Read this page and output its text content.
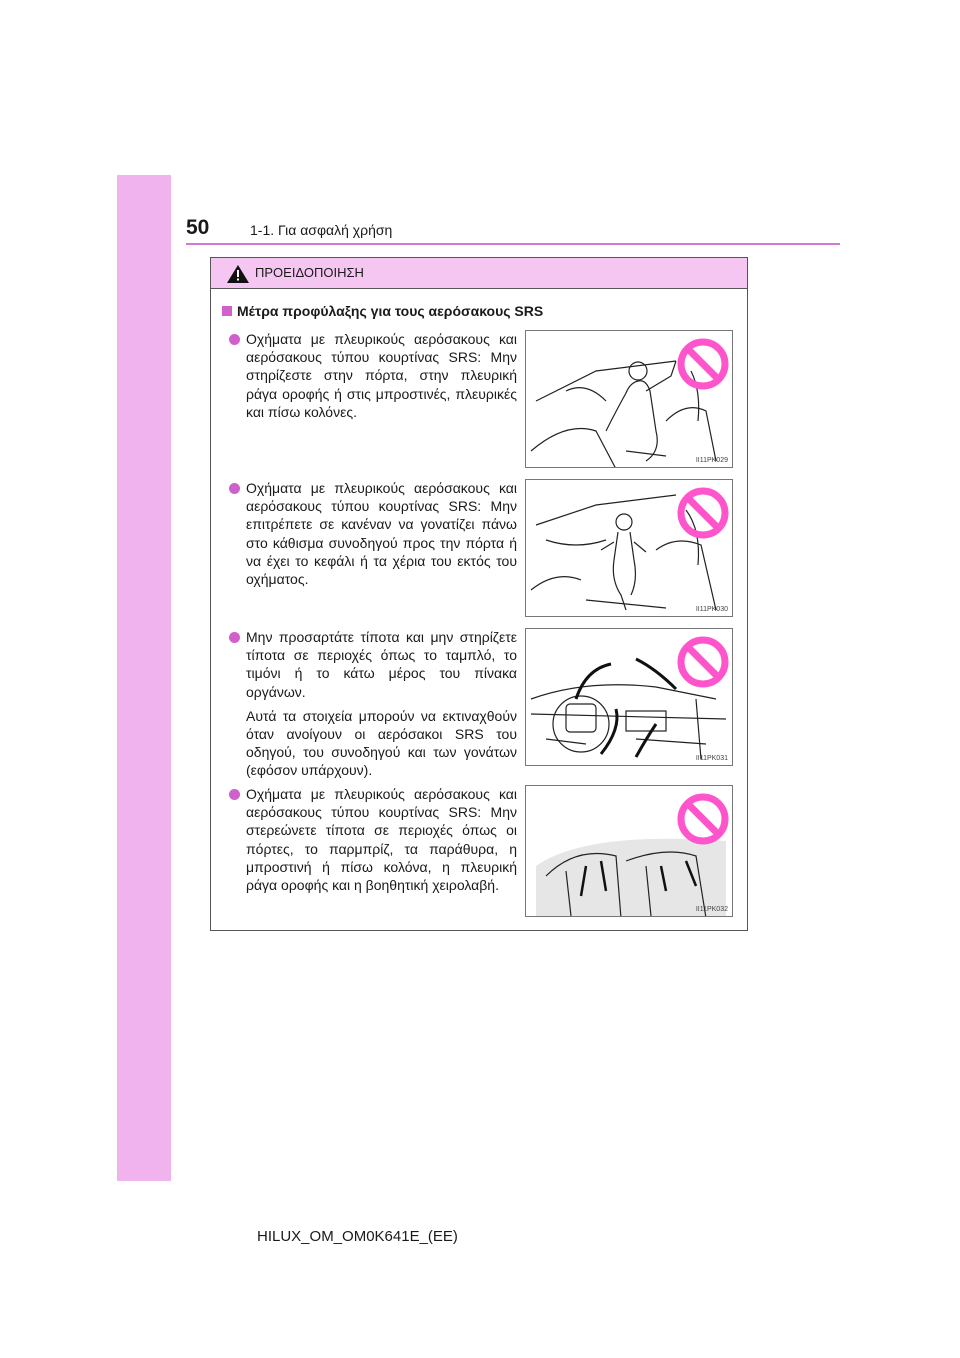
50	1-1. Για ασφαλή χρήση
ΠΡΟΕΙΔΟΠΟΙΗΣΗ
Μέτρα προφύλαξης για τους αερόσακους SRS

Οχήματα με πλευρικούς αερόσακους και αερόσακους τύπου κουρτίνας SRS: Μην στηρίζεστε στην πόρτα, στην πλευρική ράγα οροφής ή στις μπροστινές, πλευρικές και πίσω κολόνες.

II11PK029

Οχήματα με πλευρικούς αερόσακους και αερόσακους τύπου κουρτίνας SRS: Μην επιτρέπετε σε κανέναν να γονατίζει πάνω στο κάθισμα συνοδηγού προς την πόρτα ή να έχει το κεφάλι ή τα χέρια του εκτός του οχήματος.

II11PK030

Μην προσαρτάτε τίποτα και μην στηρίζετε τίποτα σε περιοχές όπως το ταμπλό, το τιμόνι ή το κάτω μέρος του πίνακα οργάνων.

Αυτά τα στοιχεία μπορούν να εκτιναχθούν όταν ανοίγουν οι αερόσακοι SRS του οδηγού, του συνοδηγού και των γονάτων (εφόσον υπάρχουν).

II11PK031

Οχήματα με πλευρικούς αερόσακους και αερόσακους τύπου κουρτίνας SRS: Μην στερεώνετε τίποτα σε περιοχές όπως οι πόρτες, το παρμπρίζ, τα παράθυρα, η μπροστινή ή πίσω κολόνα, η πλευρική ράγα οροφής και η βοηθητική χειρολαβή.

II11PK032
HILUX_OM_OM0K641E_(EE)
